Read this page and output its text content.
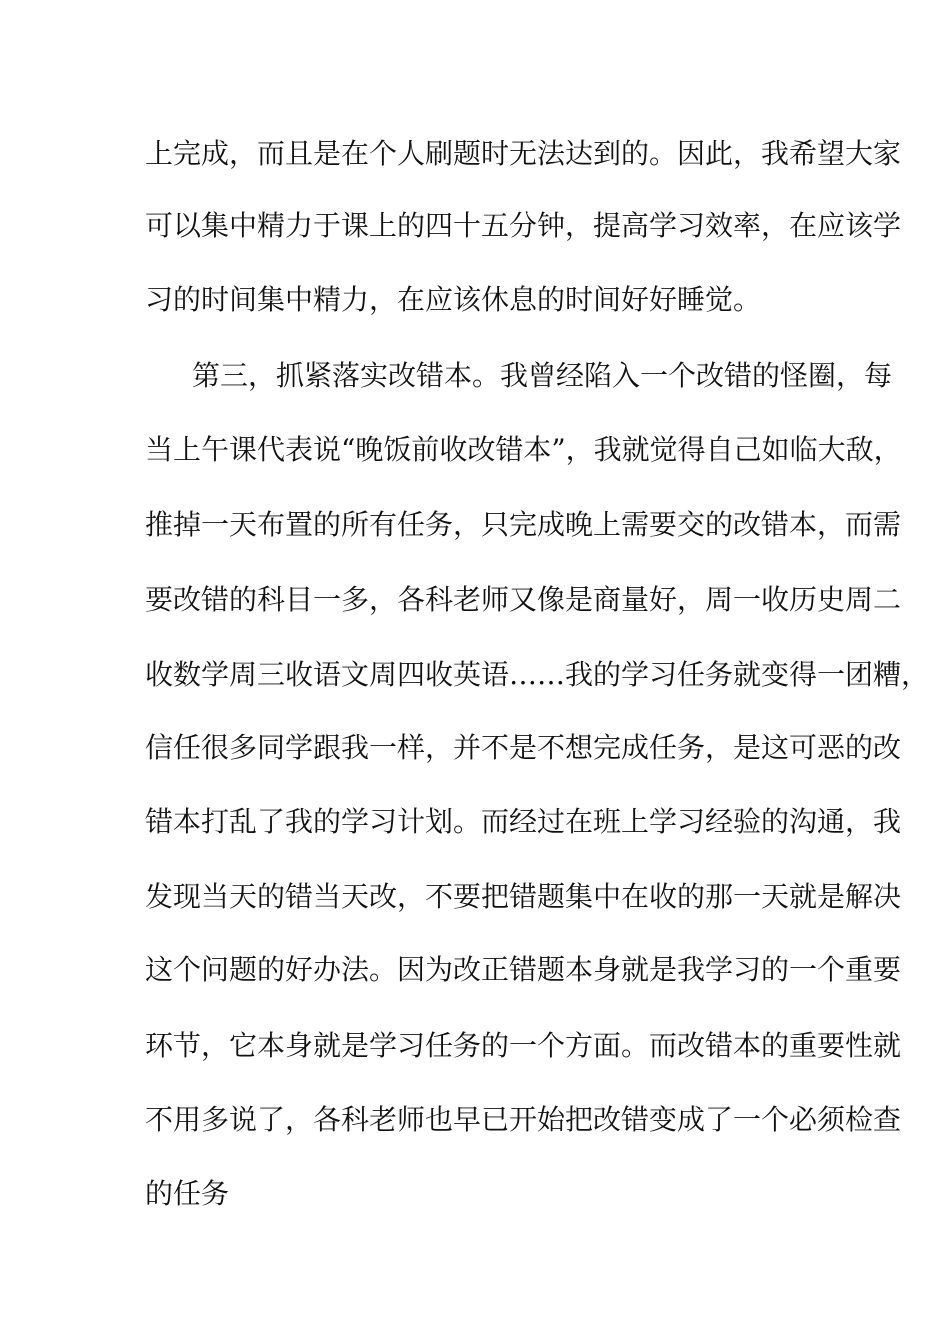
上完成，而且是在个人刷题时无法达到的。因此，我希望大家
可以集中精力于课上的四十五分钟，提高学习效率，在应该学
习的时间集中精力，在应该休息的时间好好睡觉。
第三，抓紧落实改错本。我曾经陷入一个改错的怪圈，每
当上午课代表说“晚饭前收改错本”，我就觉得自己如临大敌，
推掉一天布置的所有任务，只完成晚上需要交的改错本，而需
要改错的科目一多，各科老师又像是商量好，周一收历史周二
收数学周三收语文周四收英语……我的学习任务就变得一团糟，
信任很多同学跟我一样，并不是不想完成任务，是这可恶的改
错本打乱了我的学习计划。而经过在班上学习经验的沟通，我
发现当天的错当天改，不要把错题集中在收的那一天就是解决
这个问题的好办法。因为改正错题本身就是我学习的一个重要
环节，它本身就是学习任务的一个方面。而改错本的重要性就
不用多说了，各科老师也早已开始把改错变成了一个必须检查
的任务
